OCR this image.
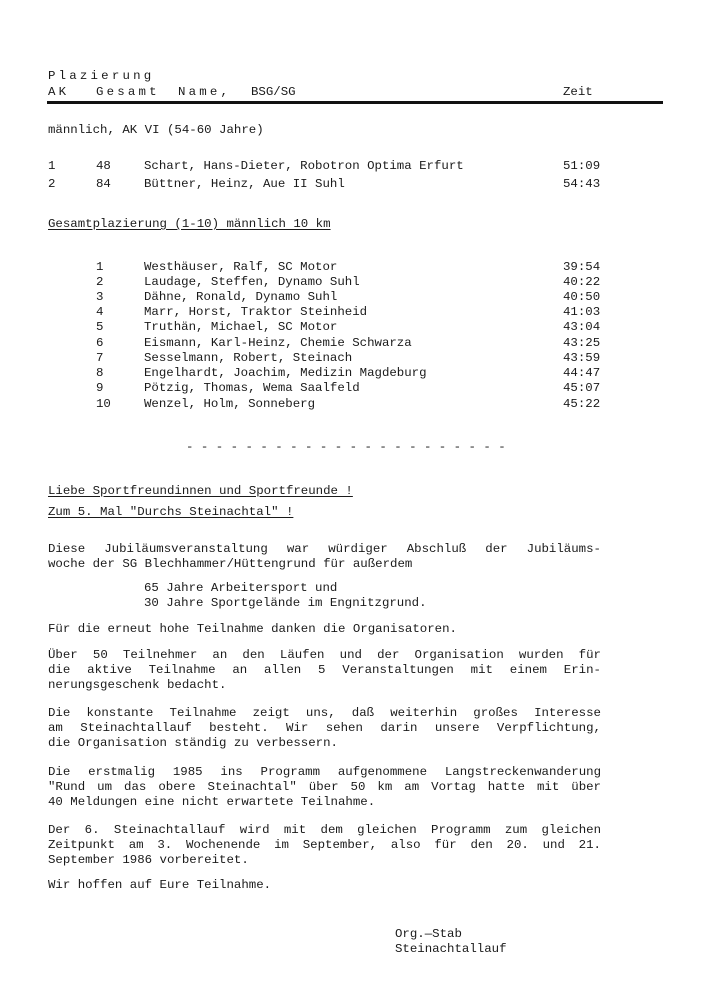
Plazierung
AK Gesamt Name, BSG/SG	Zeit
männlich, AK VI (54-60 Jahre)
1	48	Schart, Hans-Dieter, Robotron Optima Erfurt	51:09
2	84	Büttner, Heinz, Aue II Suhl	54:43
Gesamtplazierung (1-10) männlich 10 km
1	Westhäuser, Ralf, SC Motor	39:54
2	Laudage, Steffen, Dynamo Suhl	40:22
3	Dähne, Ronald, Dynamo Suhl	40:50
4	Marr, Horst, Traktor Steinheid	41:03
5	Truthän, Michael, SC Motor	43:04
6	Eismann, Karl-Heinz, Chemie Schwarza	43:25
7	Sesselmann, Robert, Steinach	43:59
8	Engelhardt, Joachim, Medizin Magdeburg	44:47
9	Pötzig, Thomas, Wema Saalfeld	45:07
10	Wenzel, Holm, Sonneberg	45:22
- - - - - - - - - - - - - - - - - - - - - -
Liebe Sportfreundinnen und Sportfreunde !
Zum 5. Mal "Durchs Steinachtal" !
Diese Jubiläumsveranstaltung war würdiger Abschluß der Jubiläums-
woche der SG Blechhammer/Hüttengrund für außerdem
65 Jahre Arbeitersport und
30 Jahre Sportgelände im Engnitzgrund.
Für die erneut hohe Teilnahme danken die Organisatoren.
Über 50 Teilnehmer an den Läufen und der Organisation wurden für
die aktive Teilnahme an allen 5 Veranstaltungen mit einem Erin-
nerungsgeschenk bedacht.
Die konstante Teilnahme zeigt uns, daß weiterhin großes Interesse
am Steinachtallauf besteht. Wir sehen darin unsere Verpflichtung,
die Organisation ständig zu verbessern.
Die erstmalig 1985 ins Programm aufgenommene Langstreckenwanderung
"Rund um das obere Steinachtal" über 50 km am Vortag hatte mit über
40 Meldungen eine nicht erwartete Teilnahme.
Der 6. Steinachtallauf wird mit dem gleichen Programm zum gleichen
Zeitpunkt am 3. Wochenende im September, also für den 20. und 21.
September 1986 vorbereitet.
Wir hoffen auf Eure Teilnahme.
Org.—Stab
Steinachtallauf
